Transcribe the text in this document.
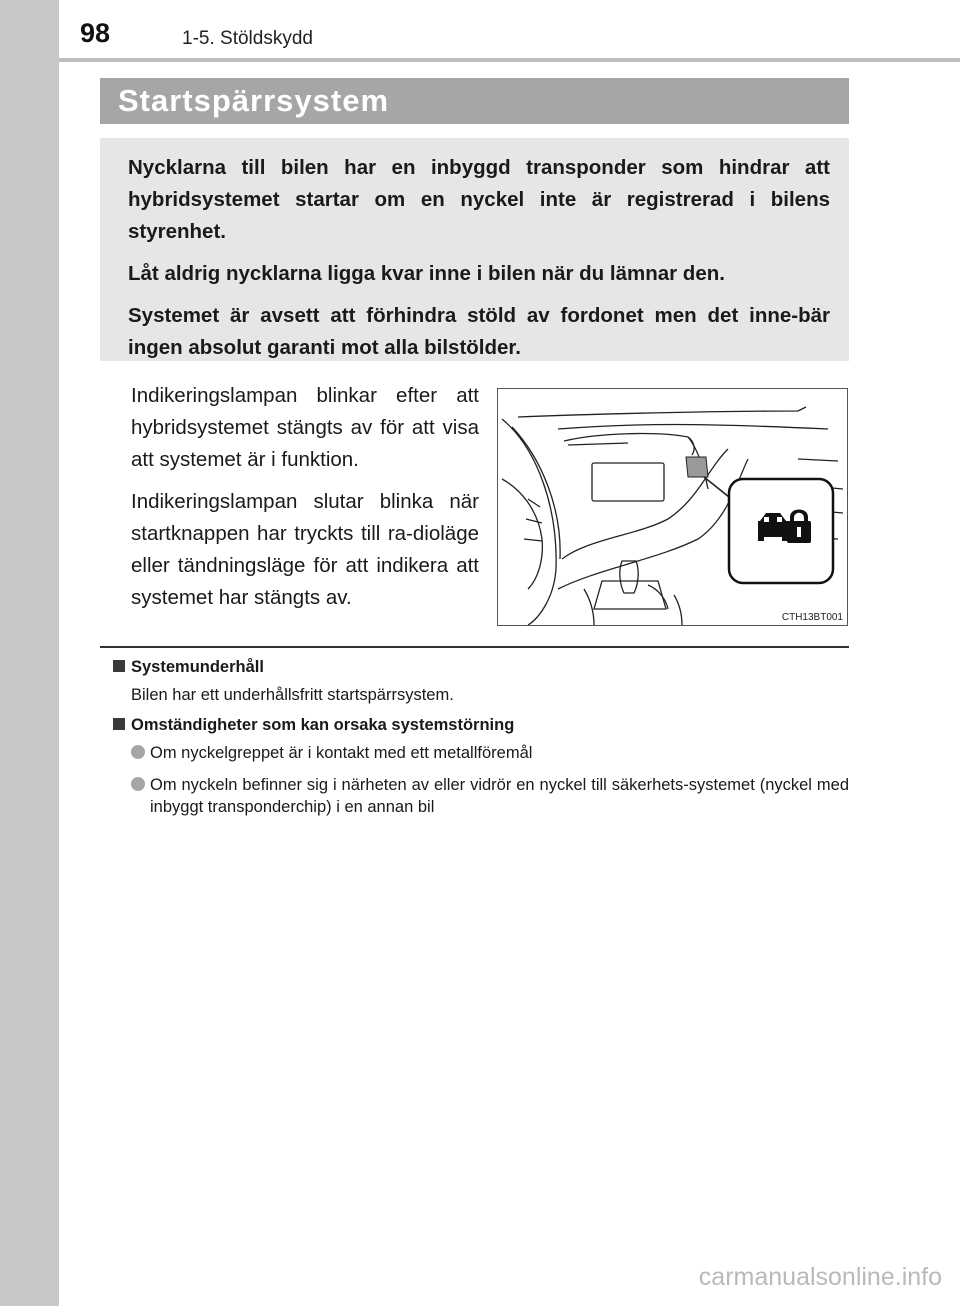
98	1-5. Stöldskydd
Startspärrsystem

Nycklarna till bilen har en inbyggd transponder som hindrar att hybridsystemet startar om en nyckel inte är registrerad i bilens styrenhet.

Låt aldrig nycklarna ligga kvar inne i bilen när du lämnar den.

Systemet är avsett att förhindra stöld av fordonet men det inne-bär ingen absolut garanti mot alla bilstölder.

Indikeringslampan blinkar efter att hybridsystemet stängts av för att visa att systemet är i funktion.

Indikeringslampan slutar blinka när startknappen har tryckts till ra-dioläge eller tändningsläge för att indikera att systemet har stängts av.

CTH13BT001
Systemunderhåll
Bilen har ett underhållsfritt startspärrsystem.
Omständigheter som kan orsaka systemstörning
Om nyckelgreppet är i kontakt med ett metallföremål
Om nyckeln befinner sig i närheten av eller vidrör en nyckel till säkerhets-systemet (nyckel med inbyggt transponderchip) i en annan bil
carmanualsonline.info
